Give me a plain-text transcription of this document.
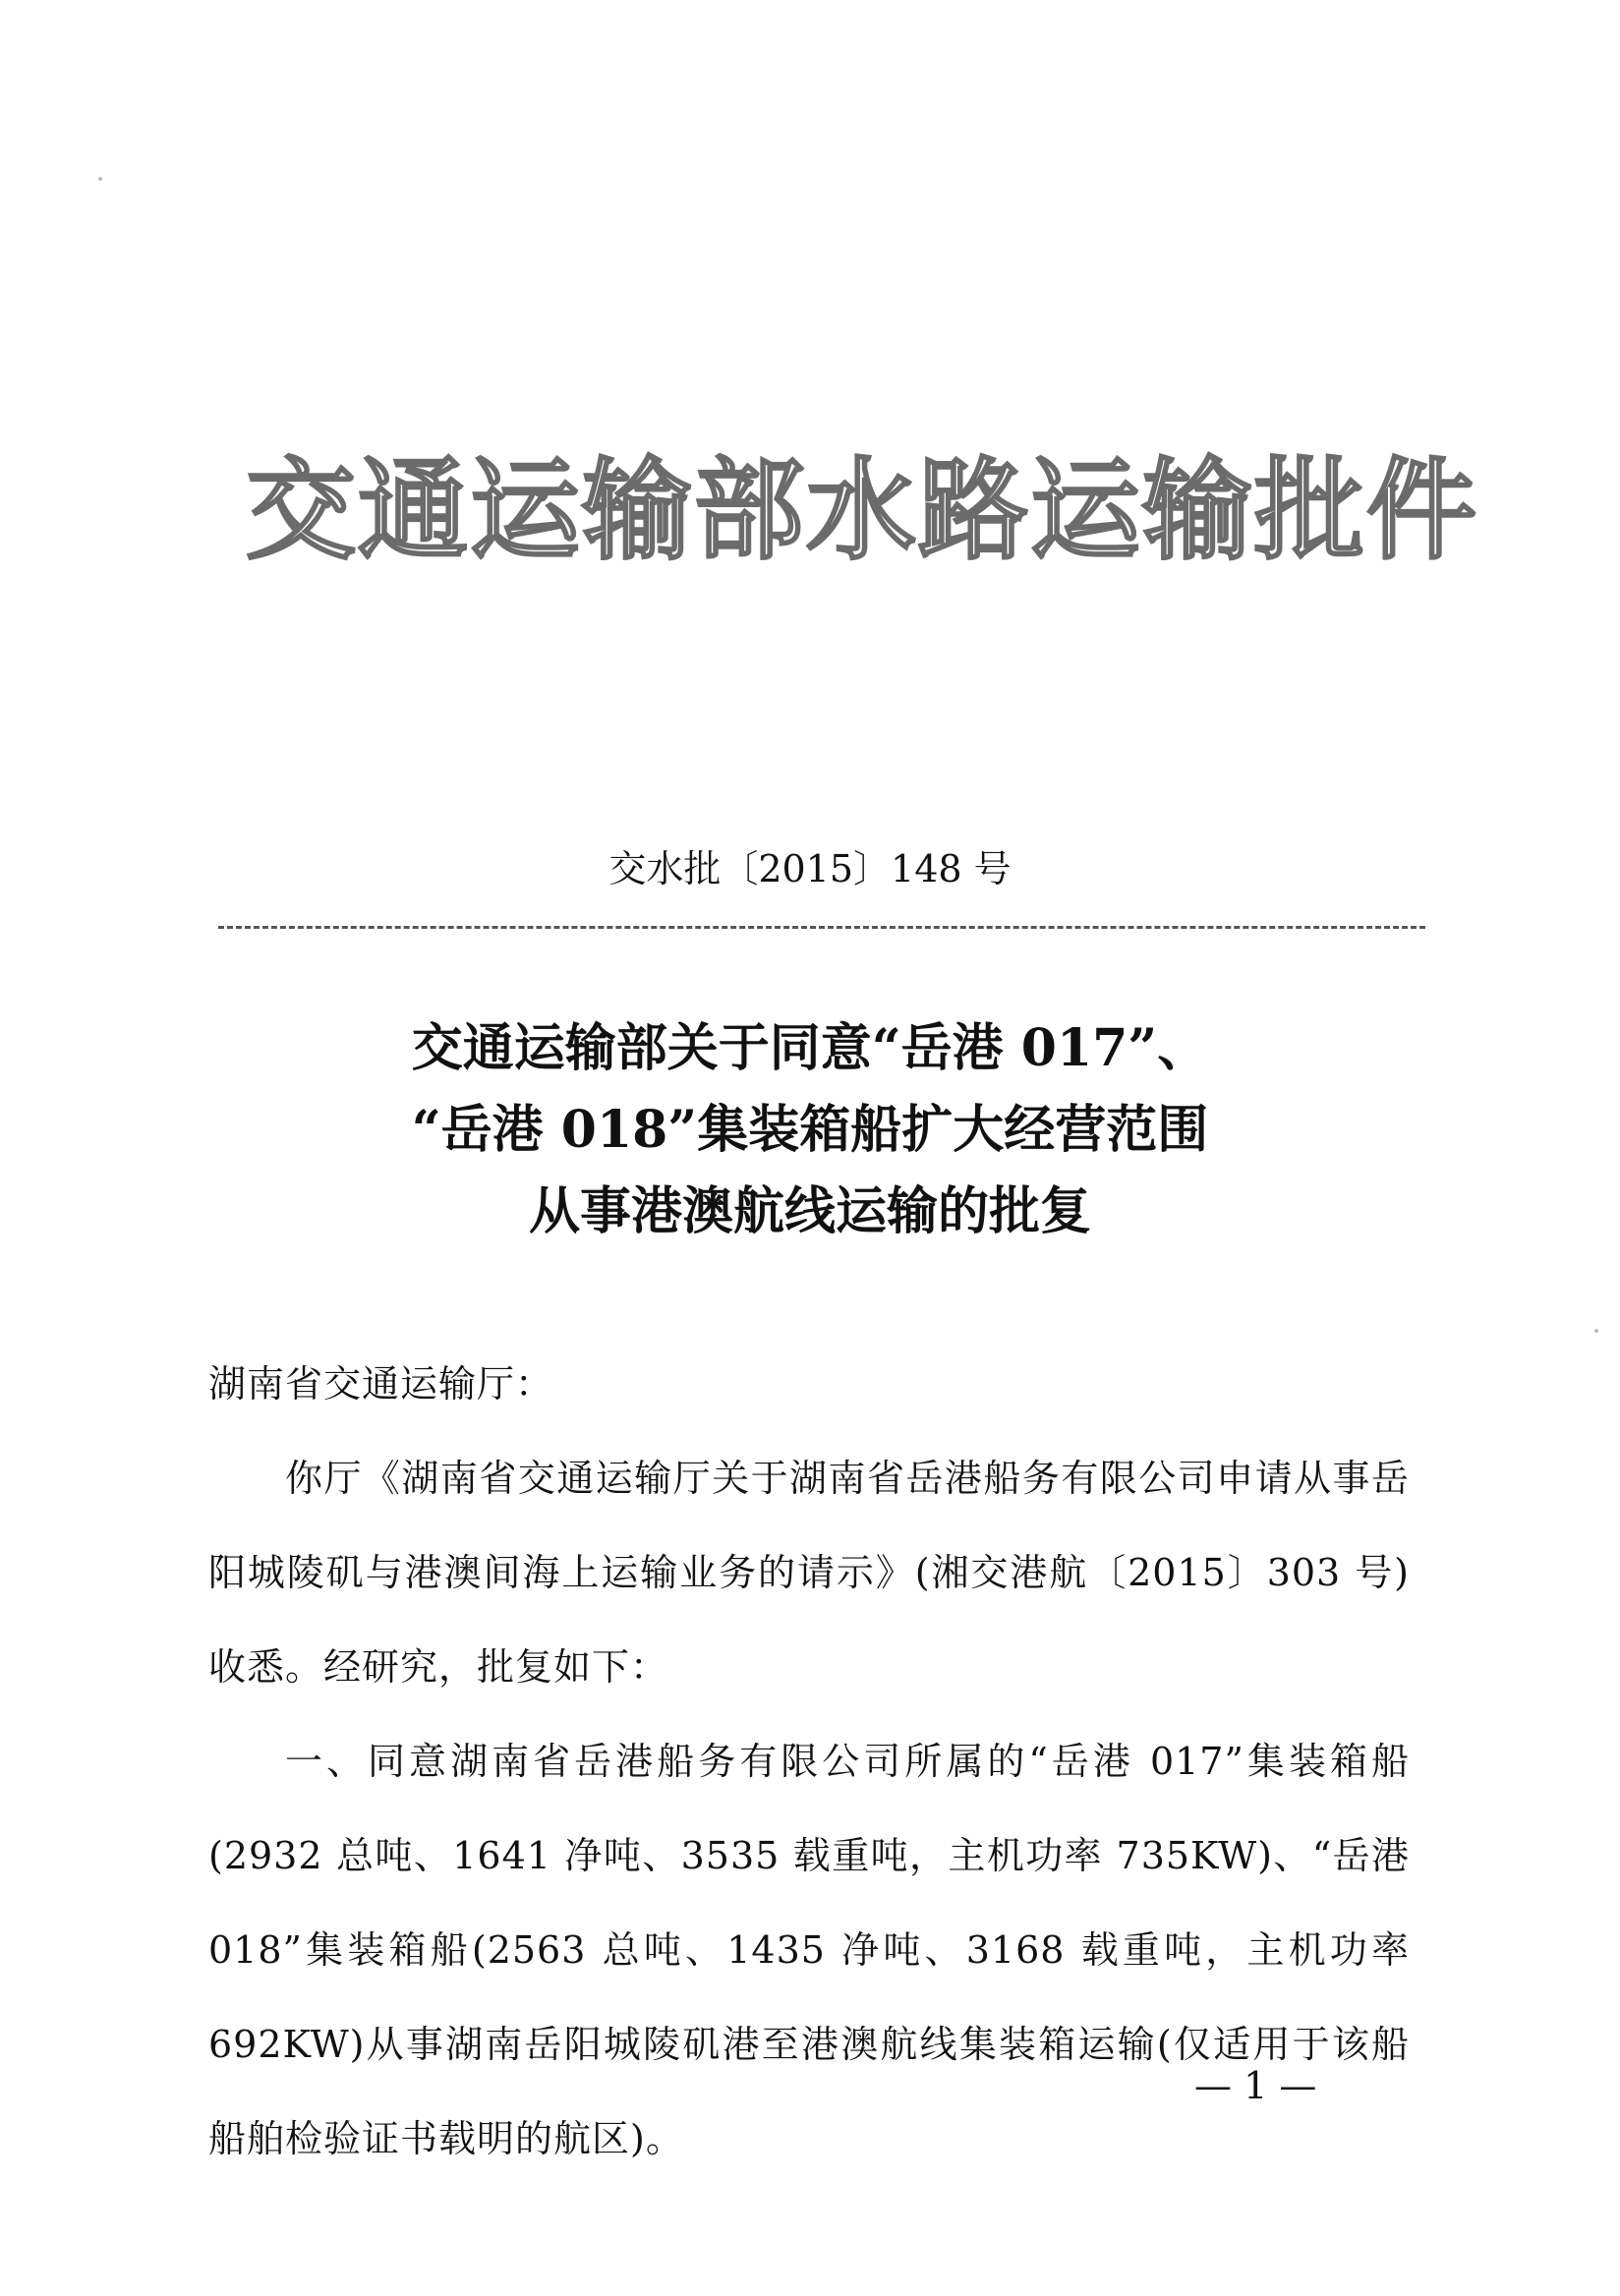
交通运输部水路运输批件
交水批〔2015〕148 号
交通运输部关于同意“岳港 017”、
“岳港 018”集装箱船扩大经营范围
从事港澳航线运输的批复

湖南省交通运输厅：

你厅《湖南省交通运输厅关于湖南省岳港船务有限公司申请从事岳阳城陵矶与港澳间海上运输业务的请示》(湘交港航〔2015〕303 号)收悉。经研究，批复如下：

一、同意湖南省岳港船务有限公司所属的“岳港 017”集装箱船(2932 总吨、1641 净吨、3535 载重吨，主机功率 735KW)、“岳港 018”集装箱船(2563 总吨、1435 净吨、3168 载重吨，主机功率 692KW)从事湖南岳阳城陵矶港至港澳航线集装箱运输(仅适用于该船船舶检验证书载明的航区)。

— 1 —
